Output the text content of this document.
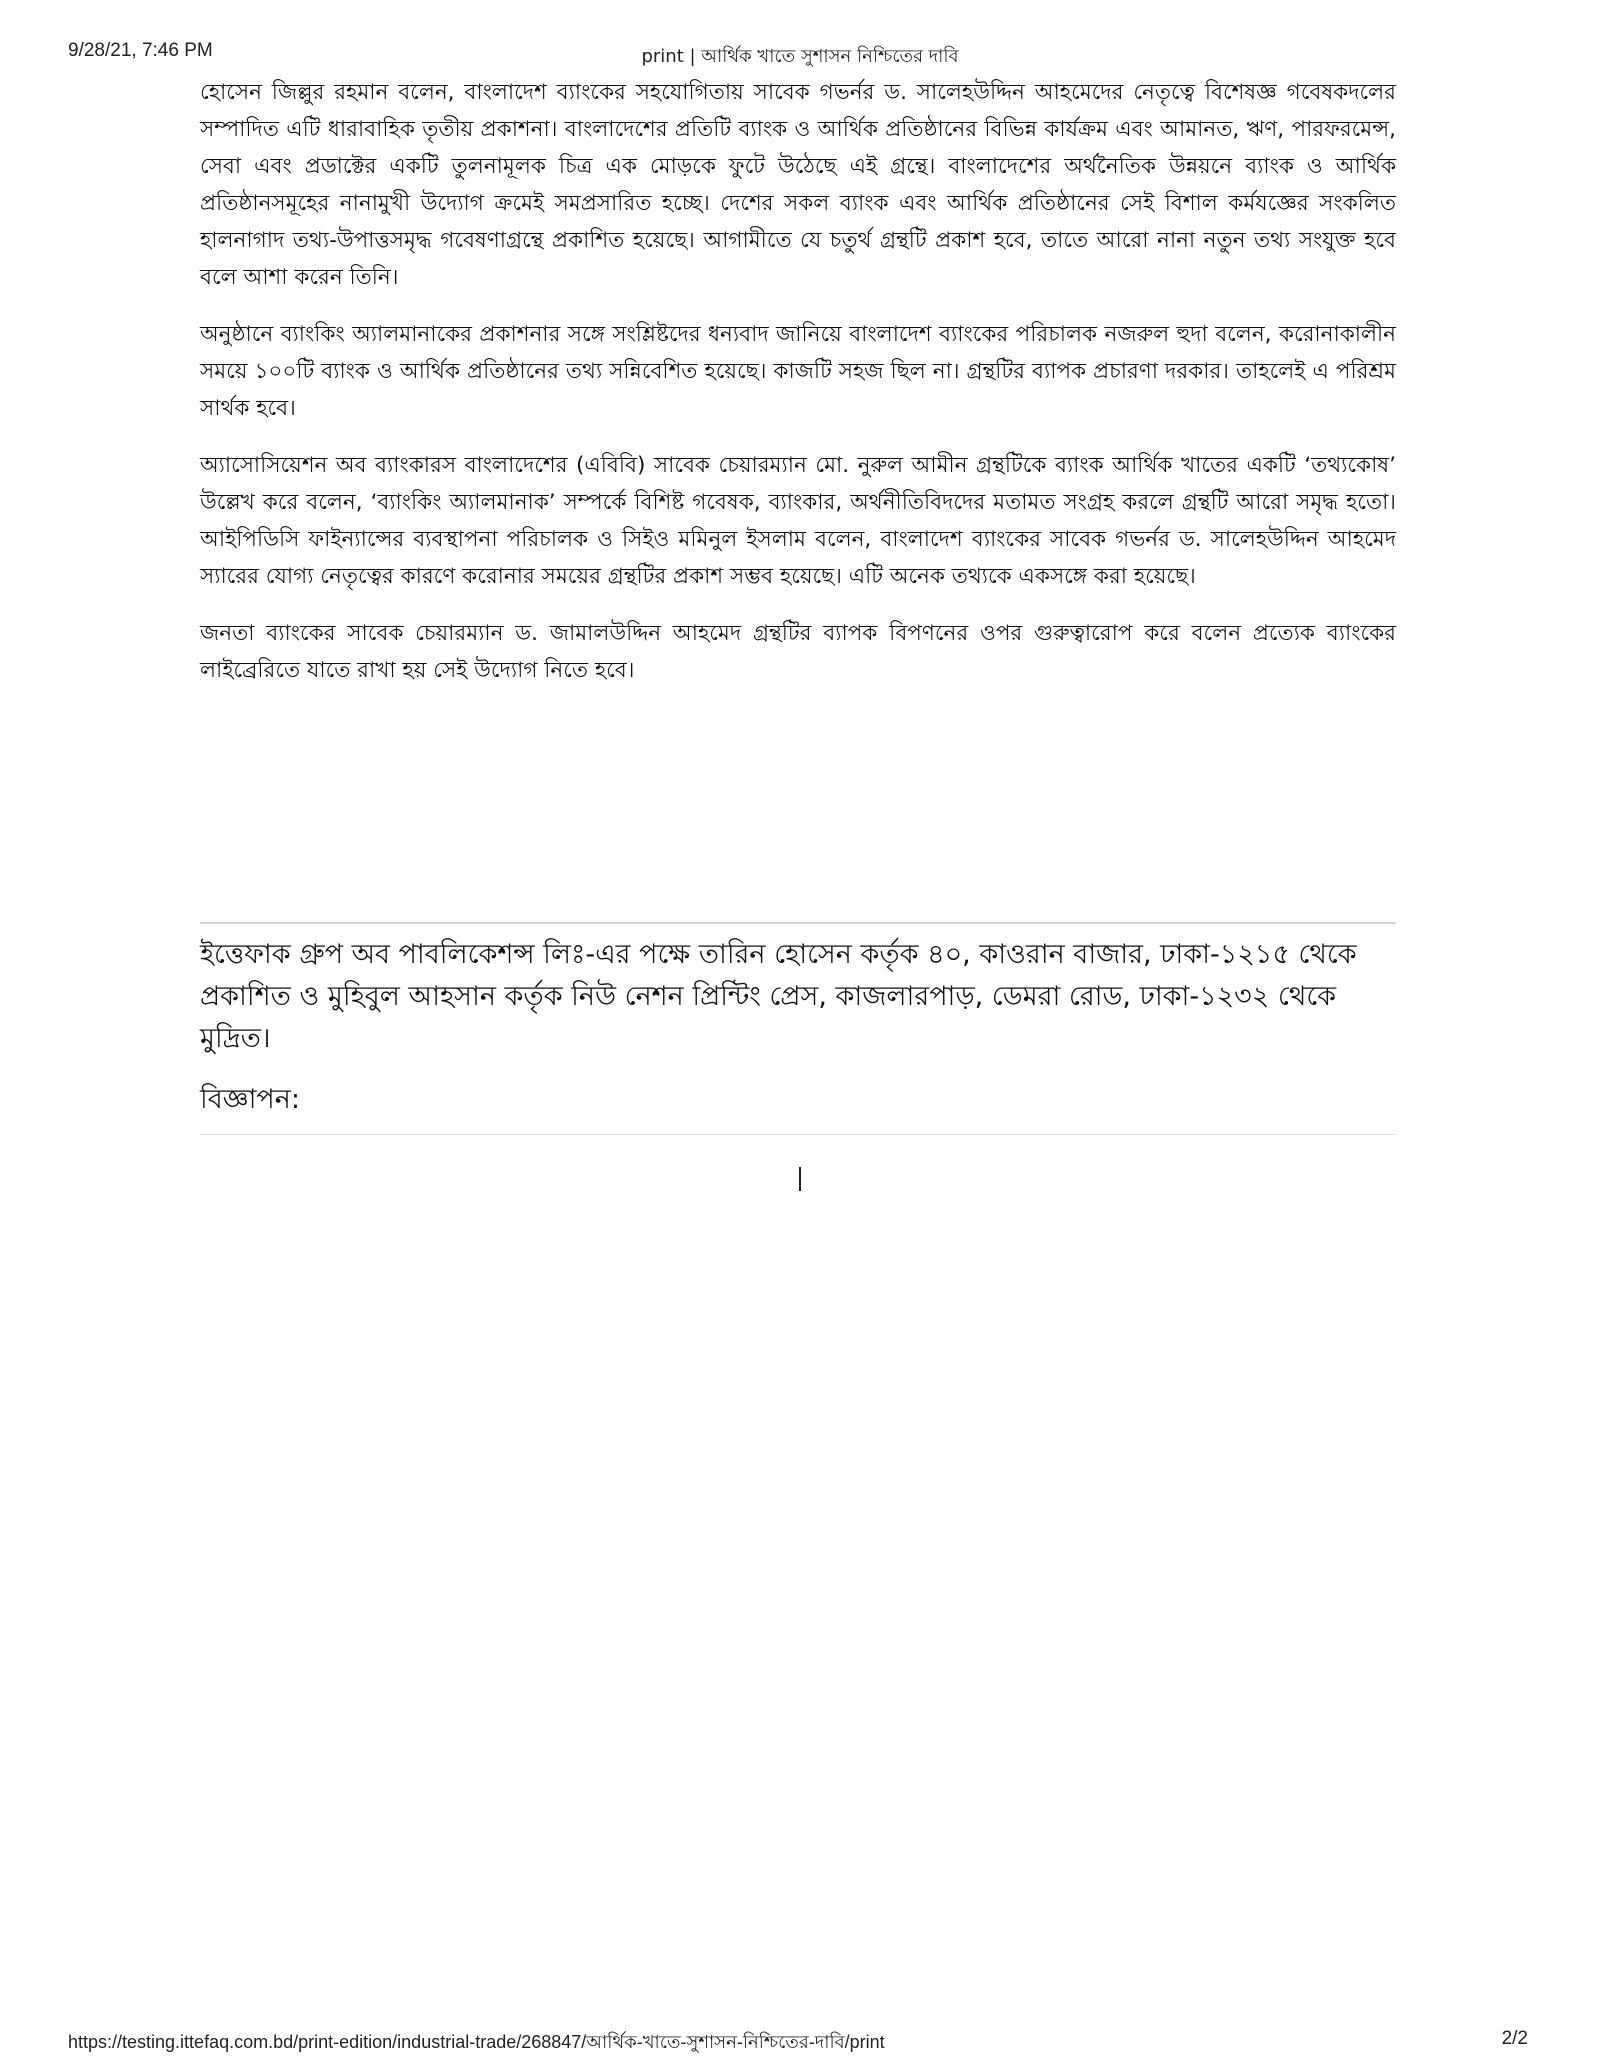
9/28/21, 7:46 PM	print | আর্থিক খাতে সুশাসন নিশ্চিতের দাবি

হোসেন জিল্লুর রহমান বলেন, বাংলাদেশ ব্যাংকের সহযোগিতায় সাবেক গভর্নর ড. সালেহউদ্দিন আহমেদের নেতৃত্বে বিশেষজ্ঞ গবেষকদলের সম্পাদিত এটি ধারাবাহিক তৃতীয় প্রকাশনা। বাংলাদেশের প্রতিটি ব্যাংক ও আর্থিক প্রতিষ্ঠানের বিভিন্ন কার্যক্রম এবং আমানত, ঋণ, পারফরমেন্স, সেবা এবং প্রডাক্টের একটি তুলনামূলক চিত্র এক মোড়কে ফুটে উঠেছে এই গ্রন্থে। বাংলাদেশের অর্থনৈতিক উন্নয়নে ব্যাংক ও আর্থিক প্রতিষ্ঠানসমূহের নানামুখী উদ্যোগ ক্রমেই সমপ্রসারিত হচ্ছে। দেশের সকল ব্যাংক এবং আর্থিক প্রতিষ্ঠানের সেই বিশাল কর্মযজ্ঞের সংকলিত হালনাগাদ তথ্য-উপাত্তসমৃদ্ধ গবেষণাগ্রন্থে প্রকাশিত হয়েছে। আগামীতে যে চতুর্থ গ্রন্থটি প্রকাশ হবে, তাতে আরো নানা নতুন তথ্য সংযুক্ত হবে বলে আশা করেন তিনি।

অনুষ্ঠানে ব্যাংকিং অ্যালমানাকের প্রকাশনার সঙ্গে সংশ্লিষ্টদের ধন্যবাদ জানিয়ে বাংলাদেশ ব্যাংকের পরিচালক নজরুল হুদা বলেন, করোনাকালীন সময়ে ১০০টি ব্যাংক ও আর্থিক প্রতিষ্ঠানের তথ্য সন্নিবেশিত হয়েছে। কাজটি সহজ ছিল না। গ্রন্থটির ব্যাপক প্রচারণা দরকার। তাহলেই এ পরিশ্রম সার্থক হবে।

অ্যাসোসিয়েশন অব ব্যাংকারস বাংলাদেশের (এবিবি) সাবেক চেয়ারম্যান মো. নুরুল আমীন গ্রন্থটিকে ব্যাংক আর্থিক খাতের একটি ‘তথ্যকোষ’ উল্লেখ করে বলেন, ‘ব্যাংকিং অ্যালমানাক’ সম্পর্কে বিশিষ্ট গবেষক, ব্যাংকার, অর্থনীতিবিদদের মতামত সংগ্রহ করলে গ্রন্থটি আরো সমৃদ্ধ হতো। আইপিডিসি ফাইন্যান্সের ব্যবস্থাপনা পরিচালক ও সিইও মমিনুল ইসলাম বলেন, বাংলাদেশ ব্যাংকের সাবেক গভর্নর ড. সালেহউদ্দিন আহমেদ স্যারের যোগ্য নেতৃত্বের কারণে করোনার সময়ের গ্রন্থটির প্রকাশ সম্ভব হয়েছে। এটি অনেক তথ্যকে একসঙ্গে করা হয়েছে।

জনতা ব্যাংকের সাবেক চেয়ারম্যান ড. জামালউদ্দিন আহমেদ গ্রন্থটির ব্যাপক বিপণনের ওপর গুরুত্বারোপ করে বলেন প্রত্যেক ব্যাংকের লাইব্রেরিতে যাতে রাখা হয় সেই উদ্যোগ নিতে হবে।

ইত্তেফাক গ্রুপ অব পাবলিকেশন্স লিঃ-এর পক্ষে তারিন হোসেন কর্তৃক ৪০, কাওরান বাজার, ঢাকা-১২১৫ থেকে প্রকাশিত ও মুহিবুল আহসান কর্তৃক নিউ নেশন প্রিন্টিং প্রেস, কাজলারপাড়, ডেমরা রোড, ঢাকা-১২৩২ থেকে মুদ্রিত।
বিজ্ঞাপন:
https://testing.ittefaq.com.bd/print-edition/industrial-trade/268847/আর্থিক-খাতে-সুশাসন-নিশ্চিতের-দাবি/print	2/2
